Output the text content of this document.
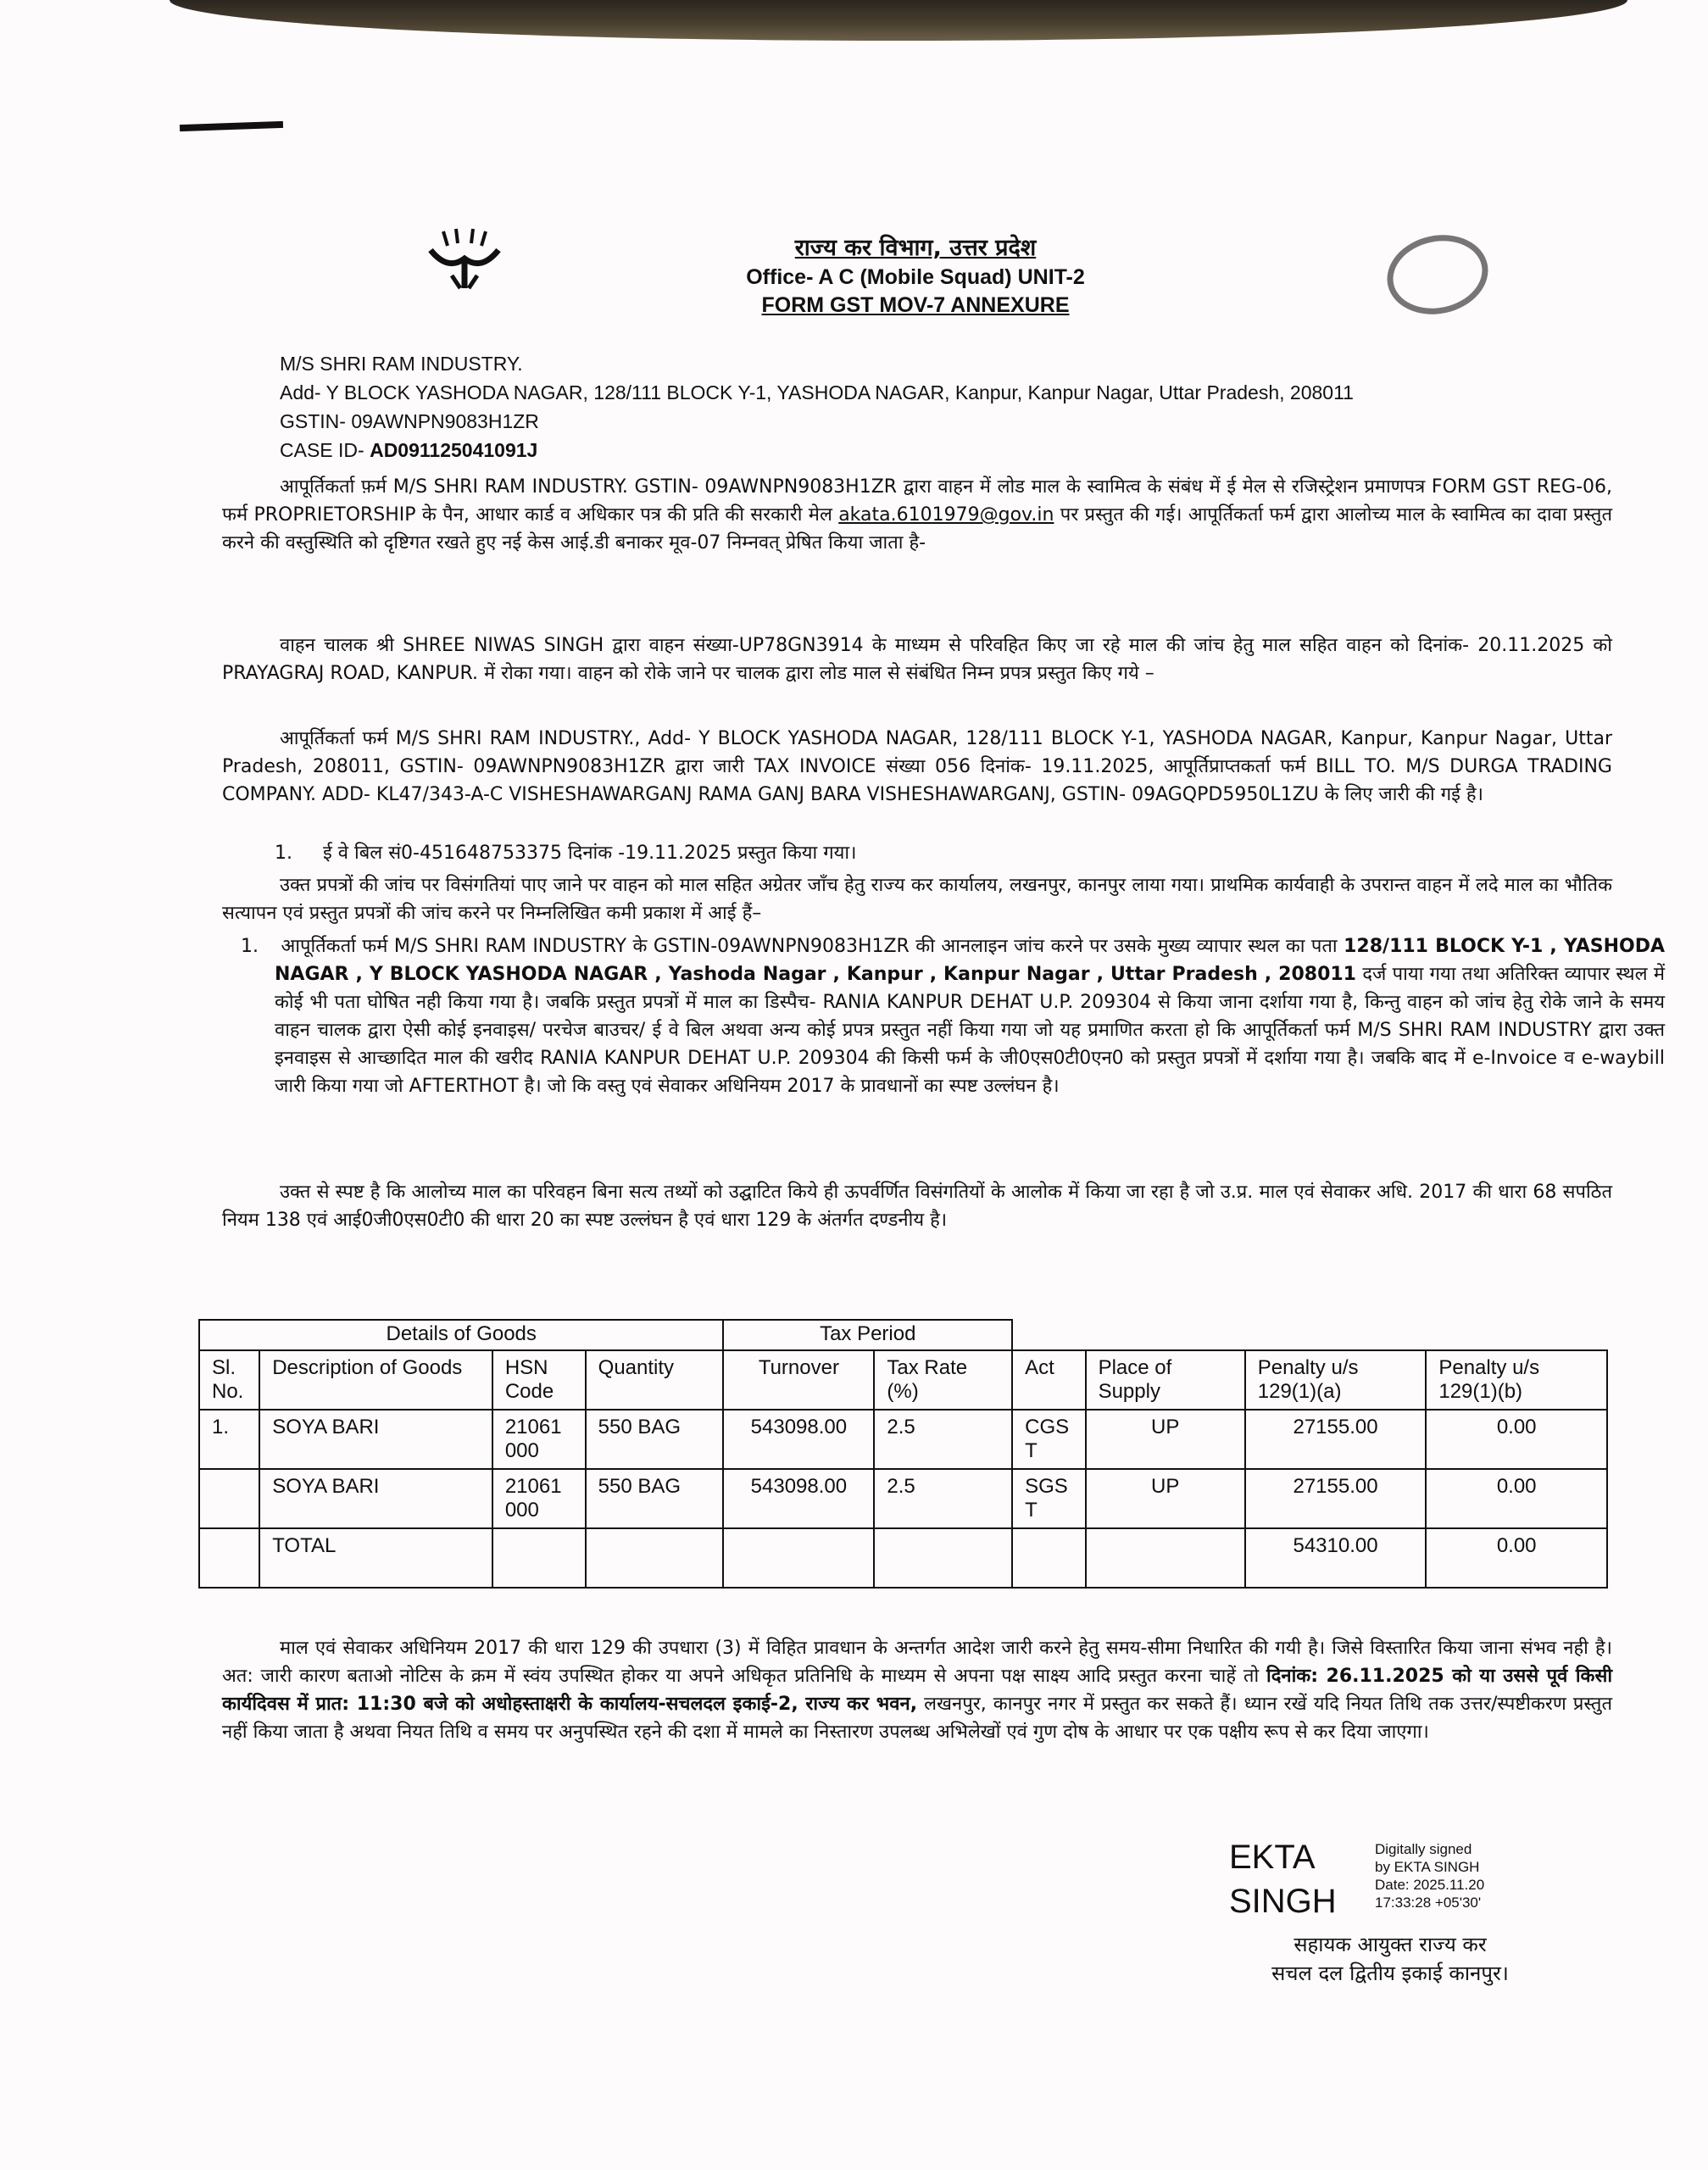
राज्य कर विभाग, उत्तर प्रदेश
Office- A C (Mobile Squad) UNIT-2
FORM GST MOV-7 ANNEXURE
M/S SHRI RAM INDUSTRY.
Add- Y BLOCK YASHODA NAGAR, 128/111 BLOCK Y-1, YASHODA NAGAR, Kanpur, Kanpur Nagar, Uttar Pradesh, 208011
GSTIN- 09AWNPN9083H1ZR
CASE ID- AD091125041091J
आपूर्तिकर्ता फ़र्म M/S SHRI RAM INDUSTRY. GSTIN- 09AWNPN9083H1ZR द्वारा वाहन में लोड माल के स्वामित्व के संबंध में ई मेल से रजिस्ट्रेशन प्रमाणपत्र FORM GST REG-06, फर्म PROPRIETORSHIP के पैन, आधार कार्ड व अधिकार पत्र की प्रति की सरकारी मेल akata.6101979@gov.in पर प्रस्तुत की गई। आपूर्तिकर्ता फर्म द्वारा आलोच्य माल के स्वामित्व का दावा प्रस्तुत करने की वस्तुस्थिति को दृष्टिगत रखते हुए नई केस आई.डी बनाकर मूव-07 निम्नवत् प्रेषित किया जाता है-
वाहन चालक श्री SHREE NIWAS SINGH द्वारा वाहन संख्या-UP78GN3914 के माध्यम से परिवहित किए जा रहे माल की जांच हेतु माल सहित वाहन को दिनांक- 20.11.2025 को PRAYAGRAJ ROAD, KANPUR. में रोका गया। वाहन को रोके जाने पर चालक द्वारा लोड माल से संबंधित निम्न प्रपत्र प्रस्तुत किए गये –
आपूर्तिकर्ता फर्म M/S SHRI RAM INDUSTRY., Add- Y BLOCK YASHODA NAGAR, 128/111 BLOCK Y-1, YASHODA NAGAR, Kanpur, Kanpur Nagar, Uttar Pradesh, 208011, GSTIN- 09AWNPN9083H1ZR द्वारा जारी TAX INVOICE संख्या 056 दिनांक- 19.11.2025, आपूर्तिप्राप्तकर्ता फर्म BILL TO. M/S DURGA TRADING COMPANY. ADD- KL47/343-A-C VISHESHAWARGANJ RAMA GANJ BARA VISHESHAWARGANJ, GSTIN- 09AGQPD5950L1ZU के लिए जारी की गई है।
1. ई वे बिल सं0-451648753375 दिनांक -19.11.2025 प्रस्तुत किया गया।
उक्त प्रपत्रों की जांच पर विसंगतियां पाए जाने पर वाहन को माल सहित अग्रेतर जाँच हेतु राज्य कर कार्यालय, लखनपुर, कानपुर लाया गया। प्राथमिक कार्यवाही के उपरान्त वाहन में लदे माल का भौतिक सत्यापन एवं प्रस्तुत प्रपत्रों की जांच करने पर निम्नलिखित कमी प्रकाश में आई हैं–
1. आपूर्तिकर्ता फर्म M/S SHRI RAM INDUSTRY के GSTIN-09AWNPN9083H1ZR की आनलाइन जांच करने पर उसके मुख्य व्यापार स्थल का पता 128/111 BLOCK Y-1 , YASHODA NAGAR , Y BLOCK YASHODA NAGAR , Yashoda Nagar , Kanpur , Kanpur Nagar , Uttar Pradesh , 208011 दर्ज पाया गया तथा अतिरिक्त व्यापार स्थल में कोई भी पता घोषित नही किया गया है। जबकि प्रस्तुत प्रपत्रों में माल का डिस्पैच- RANIA KANPUR DEHAT U.P. 209304 से किया जाना दर्शाया गया है, किन्तु वाहन को जांच हेतु रोके जाने के समय वाहन चालक द्वारा ऐसी कोई इनवाइस/ परचेज बाउचर/ ई वे बिल अथवा अन्य कोई प्रपत्र प्रस्तुत नहीं किया गया जो यह प्रमाणित करता हो कि आपूर्तिकर्ता फर्म M/S SHRI RAM INDUSTRY द्वारा उक्त इनवाइस से आच्छादित माल की खरीद RANIA KANPUR DEHAT U.P. 209304 की किसी फर्म के जी0एस0टी0एन0 को प्रस्तुत प्रपत्रों में दर्शाया गया है। जबकि बाद में e-Invoice व e-waybill जारी किया गया जो AFTERTHOT है। जो कि वस्तु एवं सेवाकर अधिनियम 2017 के प्रावधानों का स्पष्ट उल्लंघन है।
उक्त से स्पष्ट है कि आलोच्य माल का परिवहन बिना सत्य तथ्यों को उद्घाटित किये ही ऊपर्वर्णित विसंगतियों के आलोक में किया जा रहा है जो उ.प्र. माल एवं सेवाकर अधि. 2017 की धारा 68 सपठित नियम 138 एवं आई0जी0एस0टी0 की धारा 20 का स्पष्ट उल्लंघन है एवं धारा 129 के अंतर्गत दण्डनीय है।
Details of Goods				Tax Period					
Sl. No.	Description of Goods	HSN Code	Quantity	Turnover	Tax Rate (%)	Act	Place of Supply	Penalty u/s 129(1)(a)	Penalty u/s 129(1)(b)
1.	SOYA BARI	21061000	550 BAG	543098.00	2.5	CGST	UP	27155.00	0.00
	SOYA BARI	21061000	550 BAG	543098.00	2.5	SGST	UP	27155.00	0.00
	TOTAL							54310.00	0.00
माल एवं सेवाकर अधिनियम 2017 की धारा 129 की उपधारा (3) में विहित प्रावधान के अन्तर्गत आदेश जारी करने हेतु समय-सीमा निधारित की गयी है। जिसे विस्तारित किया जाना संभव नही है। अत: जारी कारण बताओ नोटिस के क्रम में स्वंय उपस्थित होकर या अपने अधिकृत प्रतिनिधि के माध्यम से अपना पक्ष साक्ष्य आदि प्रस्तुत करना चाहें तो दिनांक: 26.11.2025 को या उससे पूर्व किसी कार्यदिवस में प्रात: 11:30 बजे को अधोहस्ताक्षरी के कार्यालय-सचलदल इकाई-2, राज्य कर भवन, लखनपुर, कानपुर नगर में प्रस्तुत कर सकते हैं। ध्यान रखें यदि नियत तिथि तक उत्तर/स्पष्टीकरण प्रस्तुत नहीं किया जाता है अथवा नियत तिथि व समय पर अनुपस्थित रहने की दशा में मामले का निस्तारण उपलब्ध अभिलेखों एवं गुण दोष के आधार पर एक पक्षीय रूप से कर दिया जाएगा।
EKTA
SINGH
Digitally signed
by EKTA SINGH
Date: 2025.11.20
17:33:28 +05'30'
सहायक आयुक्त राज्य कर
सचल दल द्वितीय इकाई कानपुर।
